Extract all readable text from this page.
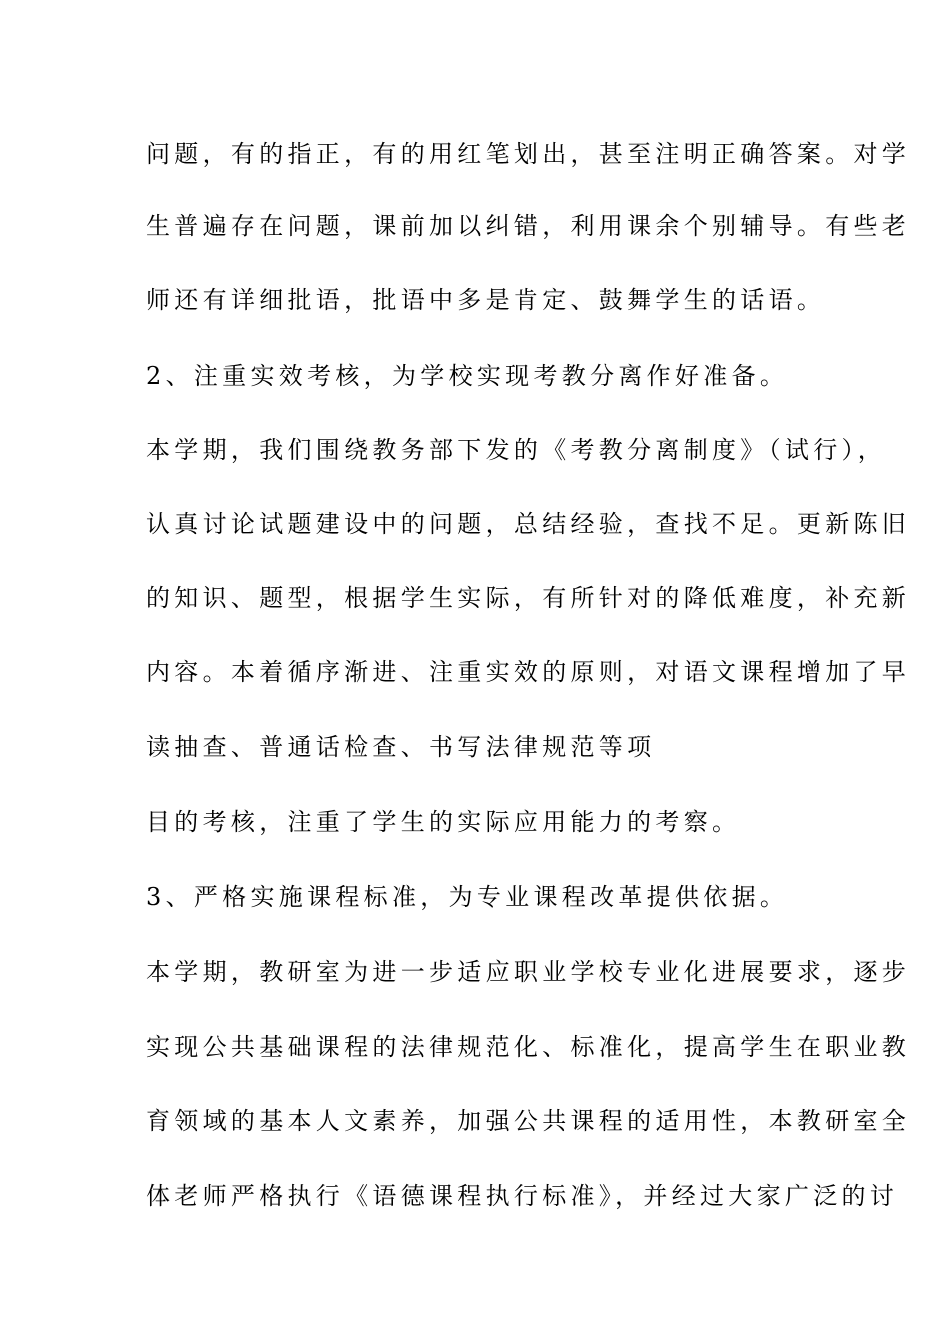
问题，有的指正，有的用红笔划出，甚至注明正确答案。对学
生普遍存在问题，课前加以纠错，利用课余个别辅导。有些老
师还有详细批语，批语中多是肯定、鼓舞学生的话语。
2、注重实效考核，为学校实现考教分离作好准备。
本学期，我们围绕教务部下发的《考教分离制度》（试行），
认真讨论试题建设中的问题，总结经验，查找不足。更新陈旧
的知识、题型，根据学生实际，有所针对的降低难度，补充新
内容。本着循序渐进、注重实效的原则，对语文课程增加了早
读抽查、普通话检查、书写法律规范等项
目的考核，注重了学生的实际应用能力的考察。
3、严格实施课程标准，为专业课程改革提供依据。
本学期，教研室为进一步适应职业学校专业化进展要求，逐步
实现公共基础课程的法律规范化、标准化，提高学生在职业教
育领域的基本人文素养，加强公共课程的适用性，本教研室全
体老师严格执行《语德课程执行标准》，并经过大家广泛的讨
